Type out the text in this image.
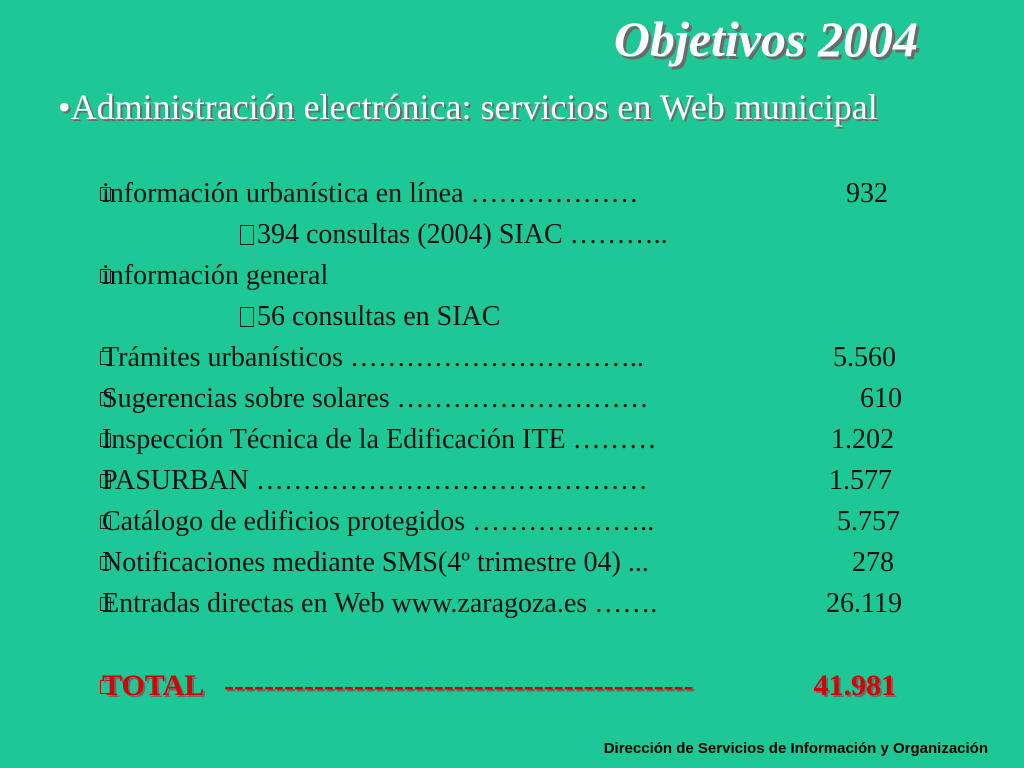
Objetivos 2004
•Administración electrónica: servicios en Web municipal
información urbanística en línea ………………	932
394 consultas (2004) SIAC ………..
información general
56 consultas en SIAC
Trámites urbanísticos …………………………..	5.560
Sugerencias sobre solares ………………………	610
Inspección Técnica de la Edificación ITE ………	1.202
PASURBAN ……………………………………	1.577
Catálogo de edificios protegidos ………………..	5.757
Notificaciones mediante SMS(4º trimestre 04) ...	278
Entradas directas en Web www.zaragoza.es …….	26.119
TOTAL -----------------------------------------------	41.981
Dirección de Servicios de Información y Organización
